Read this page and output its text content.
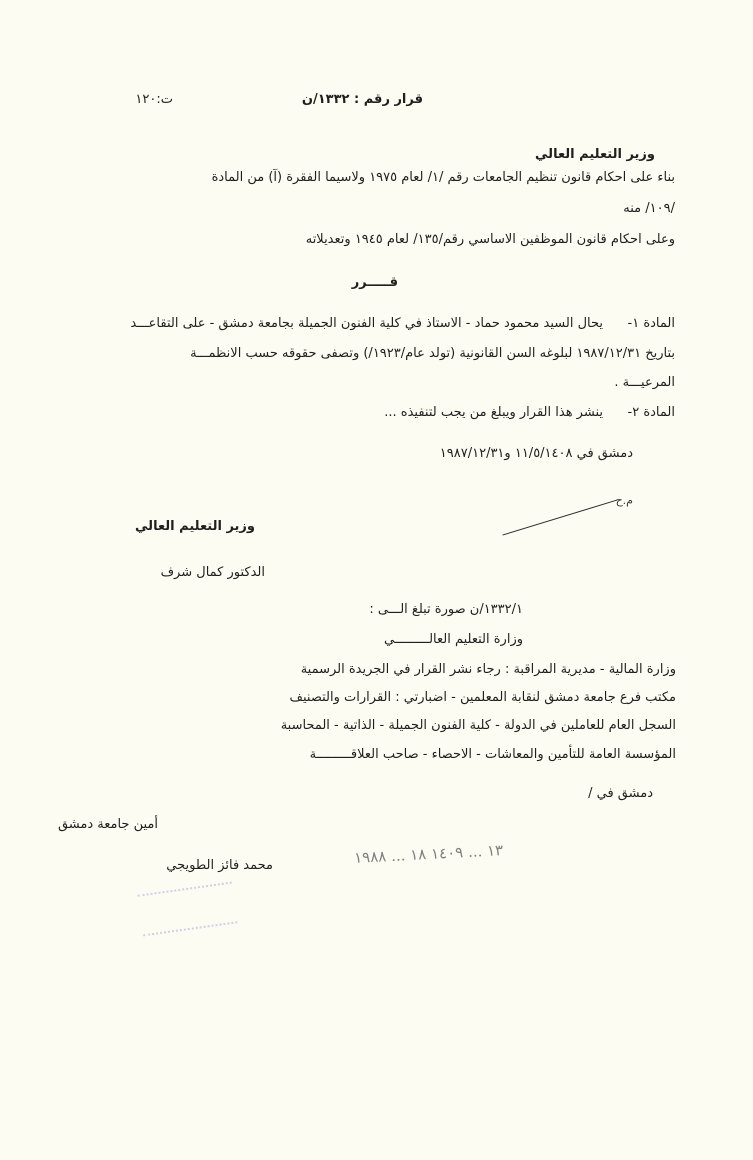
قرار رقم : ١٣٣٢/ن
ت:١٢٠
وزير التعليم العالي
بناء على احكام قانون تنظيم الجامعات رقم /١/ لعام ١٩٧٥ ولاسيما الفقرة (آ) من المادة
/١٠٩/ منه
وعلى احكام قانون الموظفين الاساسي رقم/١٣٥/ لعام ١٩٤٥ وتعديلاته
قـــــرر
المادة ١-
يحال السيد محمود حماد - الاستاذ في كلية الفنون الجميلة بجامعة دمشق - على التقاعـــد
بتاريخ ١٩٨٧/١٢/٣١ لبلوغه السن القانونية (تولد عام/١٩٢٣/) وتصفى حقوقه حسب الانظمـــة
المرعيـــة .
المادة ٢-
ينشر هذا القرار ويبلغ من يجب لتنفيذه ...
دمشق في ١١/٥/١٤٠٨ و١٩٨٧/١٢/٣١
م.ح
وزير التعليم العالي
الدكتور كمال شرف
١٣٣٢/١/ن صورة تبلغ الـــى :
وزارة التعليم العالـــــــــي
وزارة المالية - مديرية المراقبة : رجاء نشر القرار في الجريدة الرسمية
مكتب فرع جامعة دمشق لنقابة المعلمين - اضبارتي : القرارات والتصنيف
السجل العام للعاملين في الدولة - كلية الفنون الجميلة - الذاتية - المحاسبة
المؤسسة العامة للتأمين والمعاشات - الاحصاء - صاحب العلاقـــــــــة
دمشق في /
أمين جامعة دمشق
محمد فائز الطويجي	١٣ ... ١٤٠٩ ١٨ ... ١٩٨٨
